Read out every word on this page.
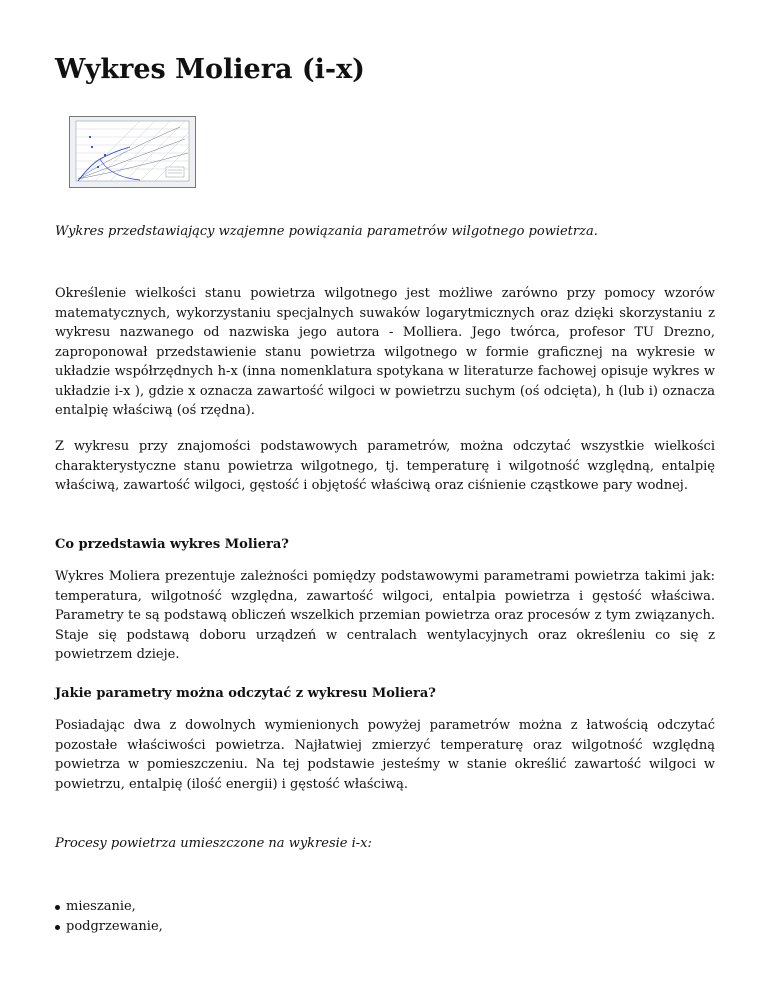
Wykres Moliera (i-x)
Wykres przedstawiający wzajemne powiązania parametrów wilgotnego powietrza.

Określenie wielkości stanu powietrza wilgotnego jest możliwe zarówno przy pomocy wzorów matematycznych, wykorzystaniu specjalnych suwaków logarytmicznych oraz dzięki skorzystaniu z wykresu nazwanego od nazwiska jego autora - Molliera. Jego twórca, profesor TU Drezno, zaproponował przedstawienie stanu powietrza wilgotnego w formie graficznej na wykresie w układzie współrzędnych h-x (inna nomenklatura spotykana w literaturze fachowej opisuje wykres w układzie i-x ), gdzie x oznacza zawartość wilgoci w powietrzu suchym (oś odcięta), h (lub i) oznacza entalpię właściwą (oś rzędna).

Z wykresu przy znajomości podstawowych parametrów, można odczytać wszystkie wielkości charakterystyczne stanu powietrza wilgotnego, tj. temperaturę i wilgotność względną, entalpię właściwą, zawartość wilgoci, gęstość i objętość właściwą oraz ciśnienie cząstkowe pary wodnej.

Co przedstawia wykres Moliera?

Wykres Moliera prezentuje zależności pomiędzy podstawowymi parametrami powietrza takimi jak: temperatura, wilgotność względna, zawartość wilgoci, entalpia powietrza i gęstość właściwa. Parametry te są podstawą obliczeń wszelkich przemian powietrza oraz procesów z tym związanych. Staje się podstawą doboru urządzeń w centralach wentylacyjnych oraz określeniu co się z powietrzem dzieje.

Jakie parametry można odczytać z wykresu Moliera?

Posiadając dwa z dowolnych wymienionych powyżej parametrów można z łatwością odczytać pozostałe właściwości powietrza. Najłatwiej zmierzyć temperaturę oraz wilgotność względną powietrza w pomieszczeniu. Na tej podstawie jesteśmy w stanie określić zawartość wilgoci w powietrzu, entalpię (ilość energii) i gęstość właściwą.

Procesy powietrza umieszczone na wykresie i-x:
mieszanie,
podgrzewanie,
